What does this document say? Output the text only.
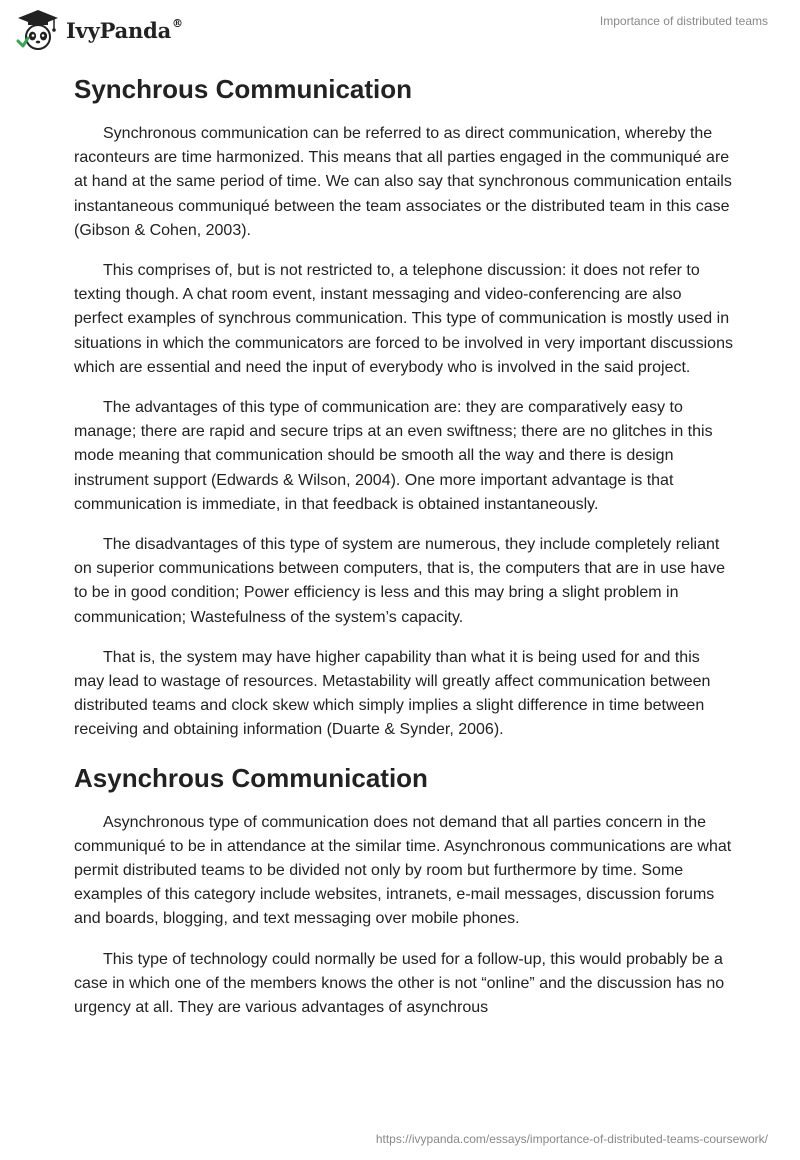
IvyPanda®	Importance of distributed teams
Synchrous Communication

Synchronous communication can be referred to as direct communication, whereby the raconteurs are time harmonized. This means that all parties engaged in the communiqué are at hand at the same period of time. We can also say that synchronous communication entails instantaneous communiqué between the team associates or the distributed team in this case (Gibson & Cohen, 2003).

This comprises of, but is not restricted to, a telephone discussion: it does not refer to texting though. A chat room event, instant messaging and video-conferencing are also perfect examples of synchrous communication. This type of communication is mostly used in situations in which the communicators are forced to be involved in very important discussions which are essential and need the input of everybody who is involved in the said project.

The advantages of this type of communication are: they are comparatively easy to manage; there are rapid and secure trips at an even swiftness; there are no glitches in this mode meaning that communication should be smooth all the way and there is design instrument support (Edwards & Wilson, 2004). One more important advantage is that communication is immediate, in that feedback is obtained instantaneously.

The disadvantages of this type of system are numerous, they include completely reliant on superior communications between computers, that is, the computers that are in use have to be in good condition; Power efficiency is less and this may bring a slight problem in communication; Wastefulness of the system’s capacity.

That is, the system may have higher capability than what it is being used for and this may lead to wastage of resources. Metastability will greatly affect communication between distributed teams and clock skew which simply implies a slight difference in time between receiving and obtaining information (Duarte & Synder, 2006).

Asynchrous Communication

Asynchronous type of communication does not demand that all parties concern in the communiqué to be in attendance at the similar time. Asynchronous communications are what permit distributed teams to be divided not only by room but furthermore by time. Some examples of this category include websites, intranets, e-mail messages, discussion forums and boards, blogging, and text messaging over mobile phones.

This type of technology could normally be used for a follow-up, this would probably be a case in which one of the members knows the other is not “online” and the discussion has no urgency at all. They are various advantages of asynchrous

https://ivypanda.com/essays/importance-of-distributed-teams-coursework/
